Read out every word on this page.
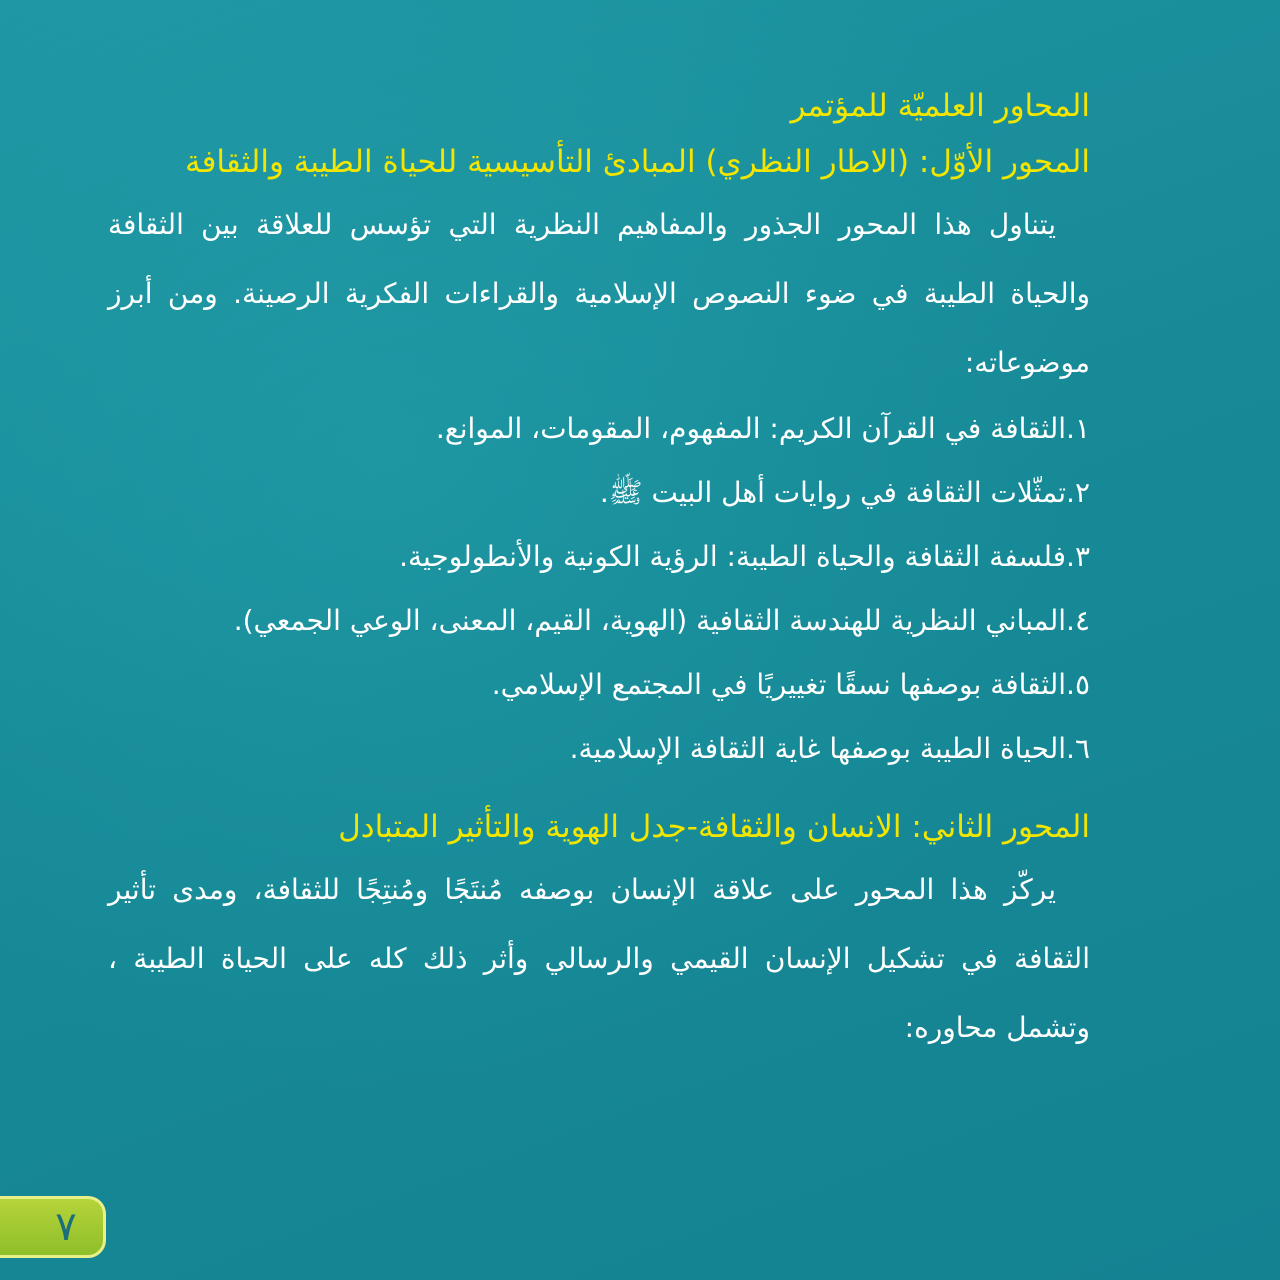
المحاور العلميّة للمؤتمر
المحور الأوّل: (الاطار النظري) المبادئ التأسيسية للحياة الطيبة والثقافة

يتناول هذا المحور الجذور والمفاهيم النظرية التي تؤسس للعلاقة بين الثقافة والحياة الطيبة في ضوء النصوص الإسلامية والقراءات الفكرية الرصينة. ومن أبرز موضوعاته:

١.الثقافة في القرآن الكريم: المفهوم، المقومات، الموانع.
٢.تمثّلات الثقافة في روايات أهل البيت ﷺ.
٣.فلسفة الثقافة والحياة الطيبة: الرؤية الكونية والأنطولوجية.
٤.المباني النظرية للهندسة الثقافية (الهوية، القيم، المعنى، الوعي الجمعي).
٥.الثقافة بوصفها نسقًا تغييريًا في المجتمع الإسلامي.
٦.الحياة الطيبة بوصفها غاية الثقافة الإسلامية.
المحور الثاني: الانسان والثقافة-جدل الهوية والتأثير المتبادل

يركّز هذا المحور على علاقة الإنسان بوصفه مُنتَجًا ومُنتِجًا للثقافة، ومدى تأثير الثقافة في تشكيل الإنسان القيمي والرسالي وأثر ذلك كله على الحياة الطيبة ، وتشمل محاوره:

٧
